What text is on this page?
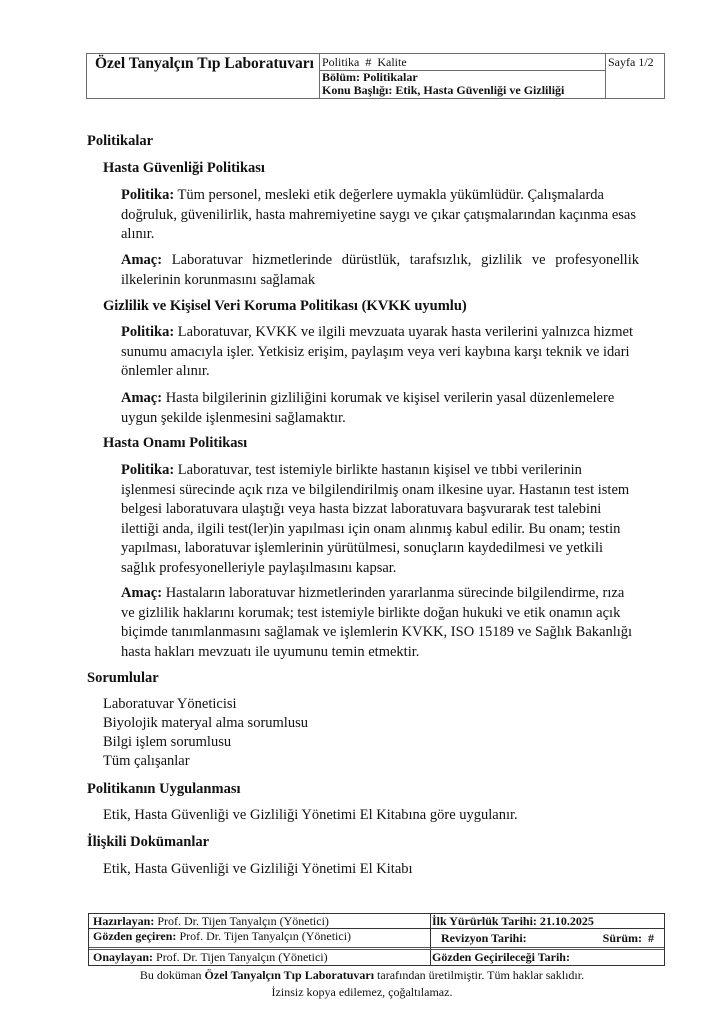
Özel Tanyalçın Tıp Laboratuvarı Politika  #  Kalite
Bölüm: Politikalar
Konu Başlığı: Etik, Hasta Güvenliği ve Gizliliği
Sayfa 1/2
Politikalar
Hasta Güvenliği Politikası
Politika: Tüm personel, mesleki etik değerlere uymakla yükümlüdür. Çalışmalarda doğruluk, güvenilirlik, hasta mahremiyetine saygı ve çıkar çatışmalarından kaçınma esas alınır.
Amaç: Laboratuvar hizmetlerinde dürüstlük, tarafsızlık, gizlilik ve profesyonellik ilkelerinin korunmasını sağlamak
Gizlilik ve Kişisel Veri Koruma Politikası (KVKK uyumlu)
Politika: Laboratuvar, KVKK ve ilgili mevzuata uyarak hasta verilerini yalnızca hizmet sunumu amacıyla işler. Yetkisiz erişim, paylaşım veya veri kaybına karşı teknik ve idari önlemler alınır.
Amaç: Hasta bilgilerinin gizliliğini korumak ve kişisel verilerin yasal düzenlemelere uygun şekilde işlenmesini sağlamaktır.
Hasta Onamı Politikası
Politika: Laboratuvar, test istemiyle birlikte hastanın kişisel ve tıbbi verilerinin işlenmesi sürecinde açık rıza ve bilgilendirilmiş onam ilkesine uyar. Hastanın test istem belgesi laboratuvara ulaştığı veya hasta bizzat laboratuvara başvurarak test talebini ilettiği anda, ilgili test(ler)in yapılması için onam alınmış kabul edilir. Bu onam; testin yapılması, laboratuvar işlemlerinin yürütülmesi, sonuçların kaydedilmesi ve yetkili sağlık profesyonelleriyle paylaşılmasını kapsar.
Amaç: Hastaların laboratuvar hizmetlerinden yararlanma sürecinde bilgilendirme, rıza ve gizlilik haklarını korumak; test istemiyle birlikte doğan hukuki ve etik onamın açık biçimde tanımlanmasını sağlamak ve işlemlerin KVKK, ISO 15189 ve Sağlık Bakanlığı hasta hakları mevzuatı ile uyumunu temin etmektir.
Sorumlular
Laboratuvar Yöneticisi
Biyolojik materyal alma sorumlusu
Bilgi işlem sorumlusu
Tüm çalışanlar
Politikanın Uygulanması
Etik, Hasta Güvenliği ve Gizliliği Yönetimi El Kitabına göre uygulanır.
İlişkili Dokümanlar
Etik, Hasta Güvenliği ve Gizliliği Yönetimi El Kitabı
Hazırlayan: Prof. Dr. Tijen Tanyalçın (Yönetici)	İlk Yürürlük Tarihi: 21.10.2025
Gözden geçiren: Prof. Dr. Tijen Tanyalçın (Yönetici)	Revizyon Tarihi:	Sürüm:  #
Onaylayan: Prof. Dr. Tijen Tanyalçın (Yönetici)	Gözden Geçirileceği Tarih:
Bu doküman Özel Tanyalçın Tıp Laboratuvarı tarafından üretilmiştir. Tüm haklar saklıdır.
İzinsiz kopya edilemez, çoğaltılamaz.
